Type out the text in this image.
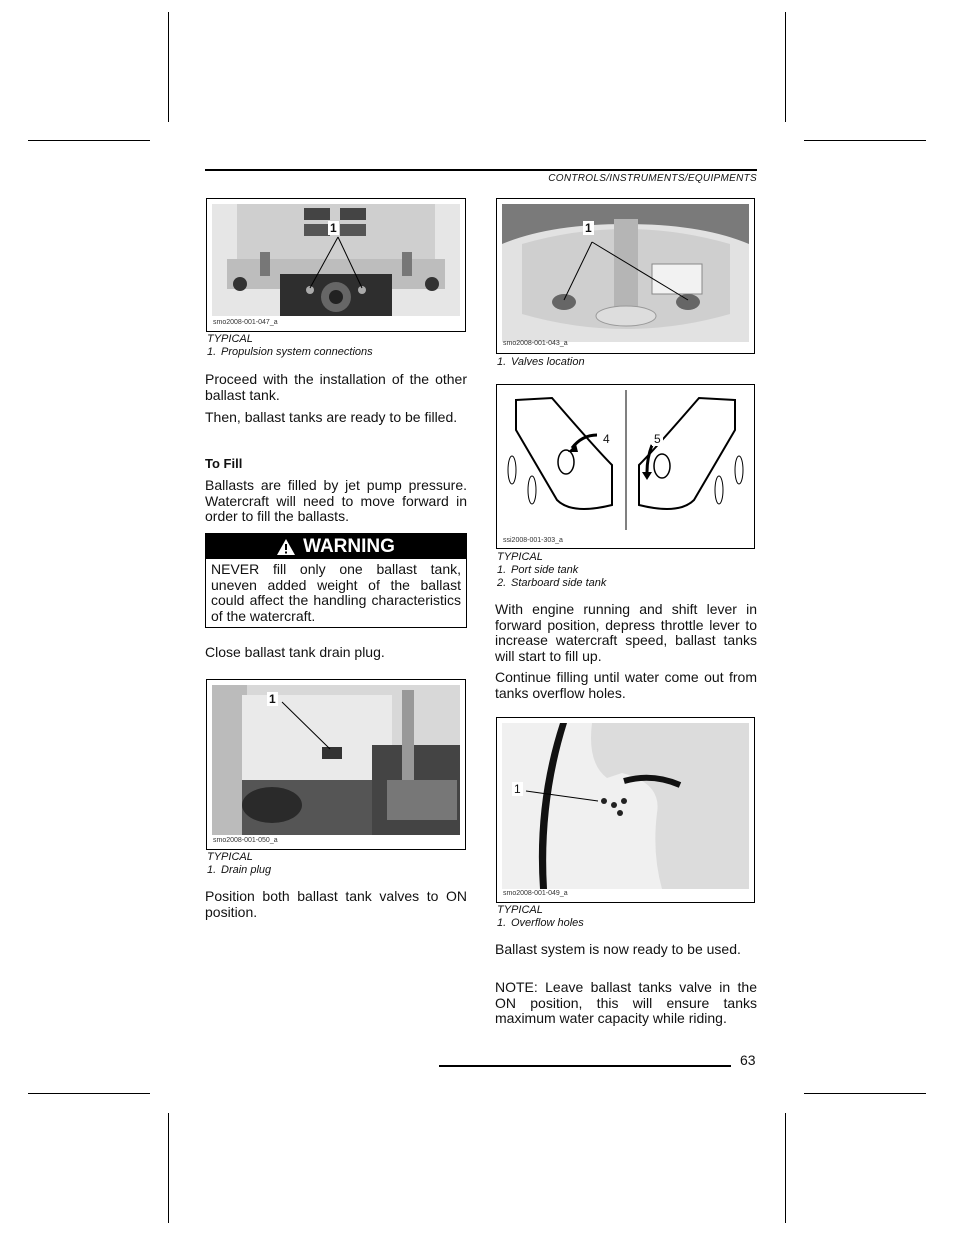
CONTROLS/INSTRUMENTS/EQUIPMENTS
1
smo2008-001-047_a
TYPICAL
1. Propulsion system connections
Proceed with the installation of the other ballast tank.
Then, ballast tanks are ready to be filled.
To Fill
Ballasts are filled by jet pump pressure. Watercraft will need to move forward in order to fill the ballasts.
WARNING
NEVER fill only one ballast tank, uneven added weight of the ballast could affect the handling characteristics of the watercraft.
Close ballast tank drain plug.
1
smo2008-001-050_a
TYPICAL
1. Drain plug
Position both ballast tank valves to ON position.
1
smo2008-001-043_a
1. Valves location
4	5
ssi2008-001-303_a
TYPICAL
1. Port side tank
2. Starboard side tank
With engine running and shift lever in forward position, depress throttle lever to increase watercraft speed, ballast tanks will start to fill up.
Continue filling until water come out from tanks overflow holes.
1
smo2008-001-049_a
TYPICAL
1. Overflow holes
Ballast system is now ready to be used.
NOTE: Leave ballast tanks valve in the ON position, this will ensure tanks maximum water capacity while riding.
63
